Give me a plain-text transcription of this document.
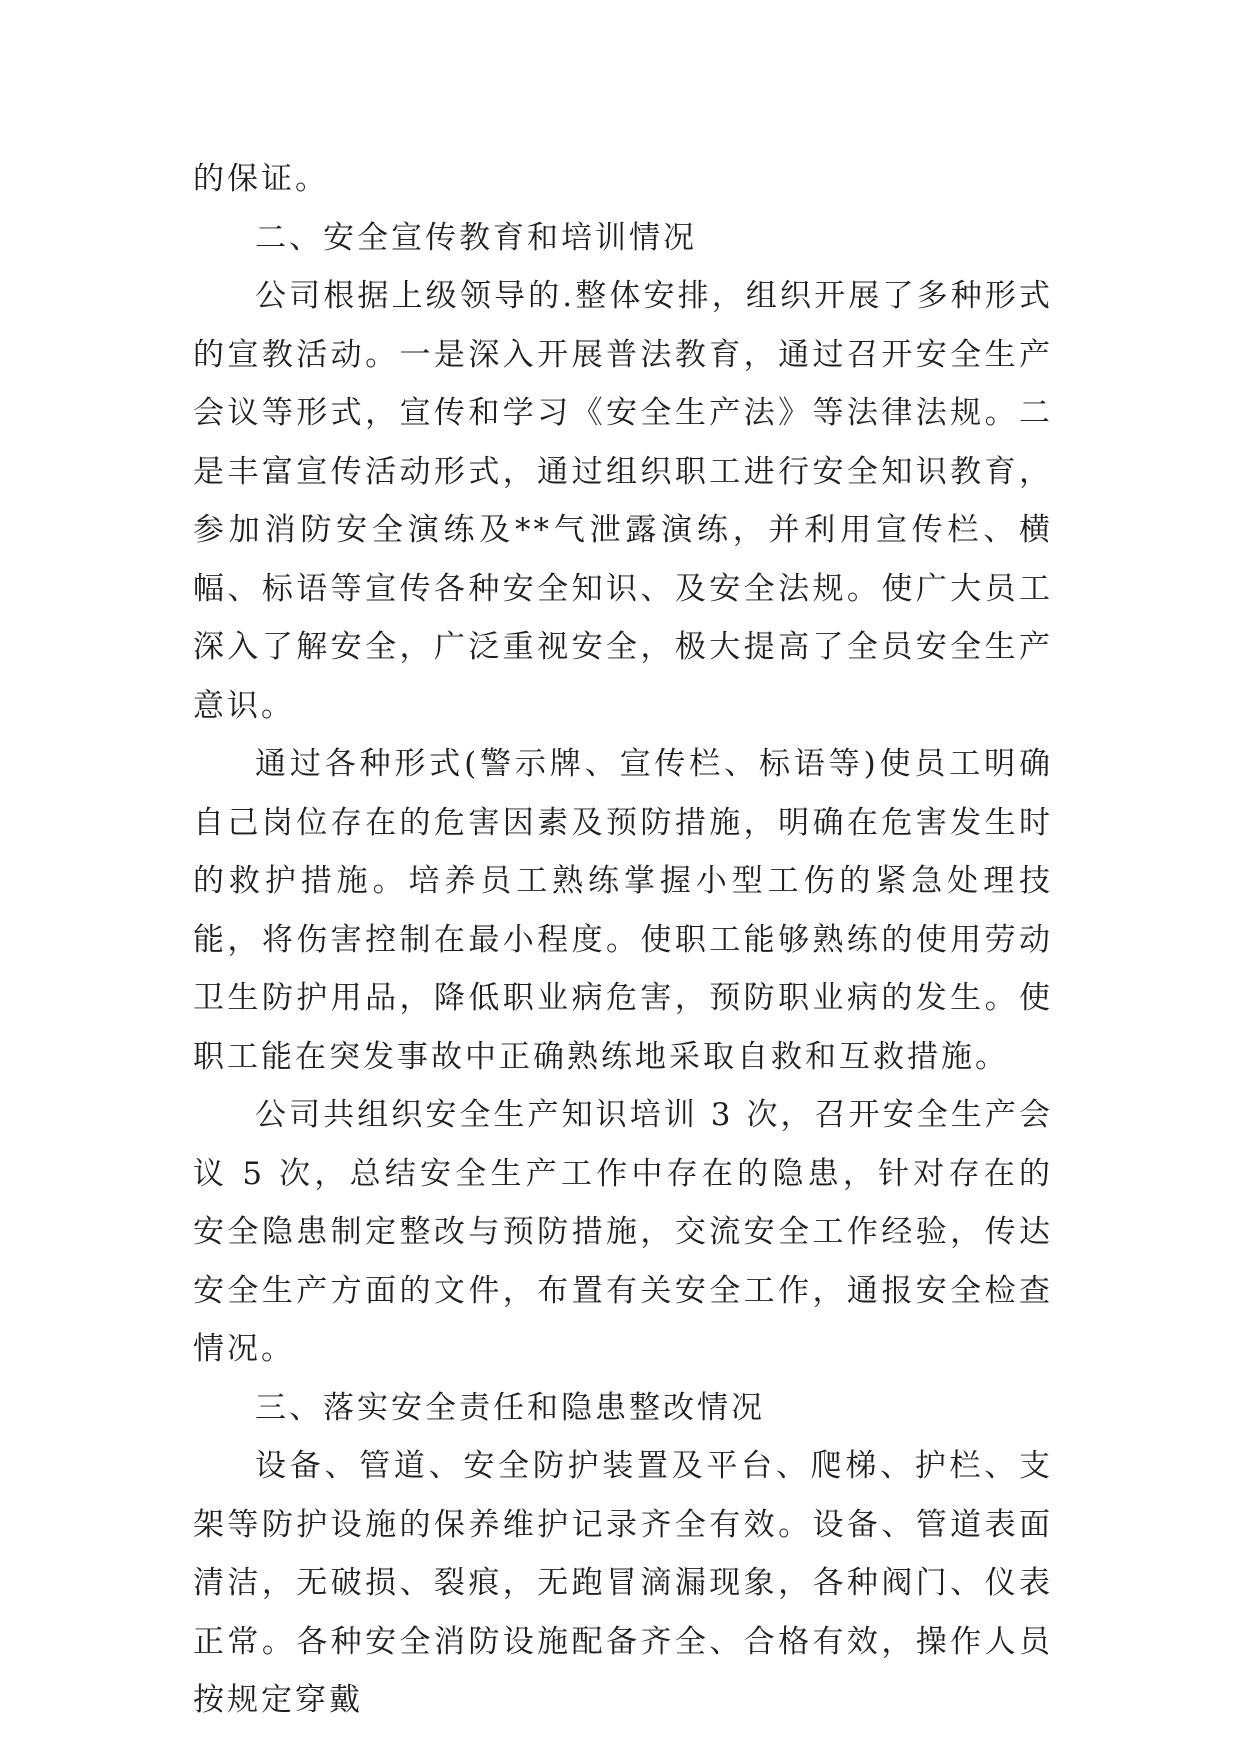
的保证。

二、安全宣传教育和培训情况

公司根据上级领导的.整体安排，组织开展了多种形式的宣教活动。一是深入开展普法教育，通过召开安全生产会议等形式，宣传和学习《安全生产法》等法律法规。二是丰富宣传活动形式，通过组织职工进行安全知识教育，参加消防安全演练及**气泄露演练，并利用宣传栏、横幅、标语等宣传各种安全知识、及安全法规。使广大员工深入了解安全，广泛重视安全，极大提高了全员安全生产意识。

通过各种形式(警示牌、宣传栏、标语等)使员工明确自己岗位存在的危害因素及预防措施，明确在危害发生时的救护措施。培养员工熟练掌握小型工伤的紧急处理技能，将伤害控制在最小程度。使职工能够熟练的使用劳动卫生防护用品，降低职业病危害，预防职业病的发生。使职工能在突发事故中正确熟练地采取自救和互救措施。

公司共组织安全生产知识培训 3 次，召开安全生产会议 5 次，总结安全生产工作中存在的隐患，针对存在的安全隐患制定整改与预防措施，交流安全工作经验，传达安全生产方面的文件，布置有关安全工作，通报安全检查情况。

三、落实安全责任和隐患整改情况

设备、管道、安全防护装置及平台、爬梯、护栏、支架等防护设施的保养维护记录齐全有效。设备、管道表面清洁，无破损、裂痕，无跑冒滴漏现象，各种阀门、仪表正常。各种安全消防设施配备齐全、合格有效，操作人员按规定穿戴
